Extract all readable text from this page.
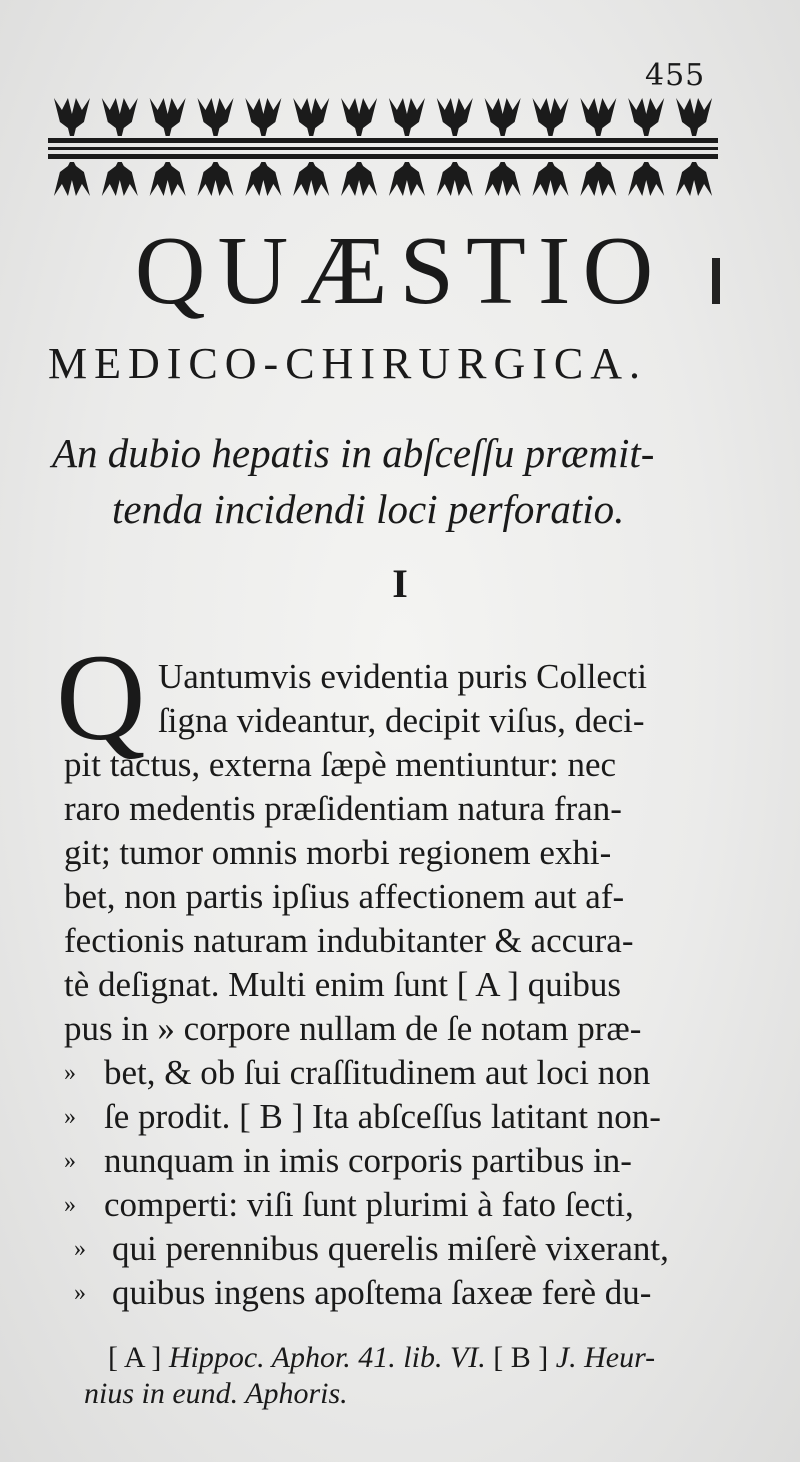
455
QUÆSTIO
MEDICO-CHIRURGICA.
An dubio hepatis in abſceſſu præmit-
tenda incidendi loci perforatio.
I
Q Uantumvis evidentia puris Collecti
ſigna videantur, decipit viſus, deci-
pit tactus, externa ſæpè mentiuntur: nec
raro medentis præſidentiam natura fran-
git; tumor omnis morbi regionem exhi-
bet, non partis ipſius affectionem aut af-
fectionis naturam indubitanter & accura-
tè deſignat. Multi enim ſunt [ A ] quibus
pus in » corpore nullam de ſe notam præ-
» bet, & ob ſui craſſitudinem aut loci non
» ſe prodit. [ B ] Ita abſceſſus latitant non-
» nunquam in imis corporis partibus in-
» comperti: viſi ſunt plurimi à fato ſecti,
» qui perennibus querelis miſerè vixerant,
» quibus ingens apoſtema ſaxeæ ferè du-
[ A ] Hippoc. Aphor. 41. lib. VI. [ B ] J. Heur-
nius in eund. Aphoris.
